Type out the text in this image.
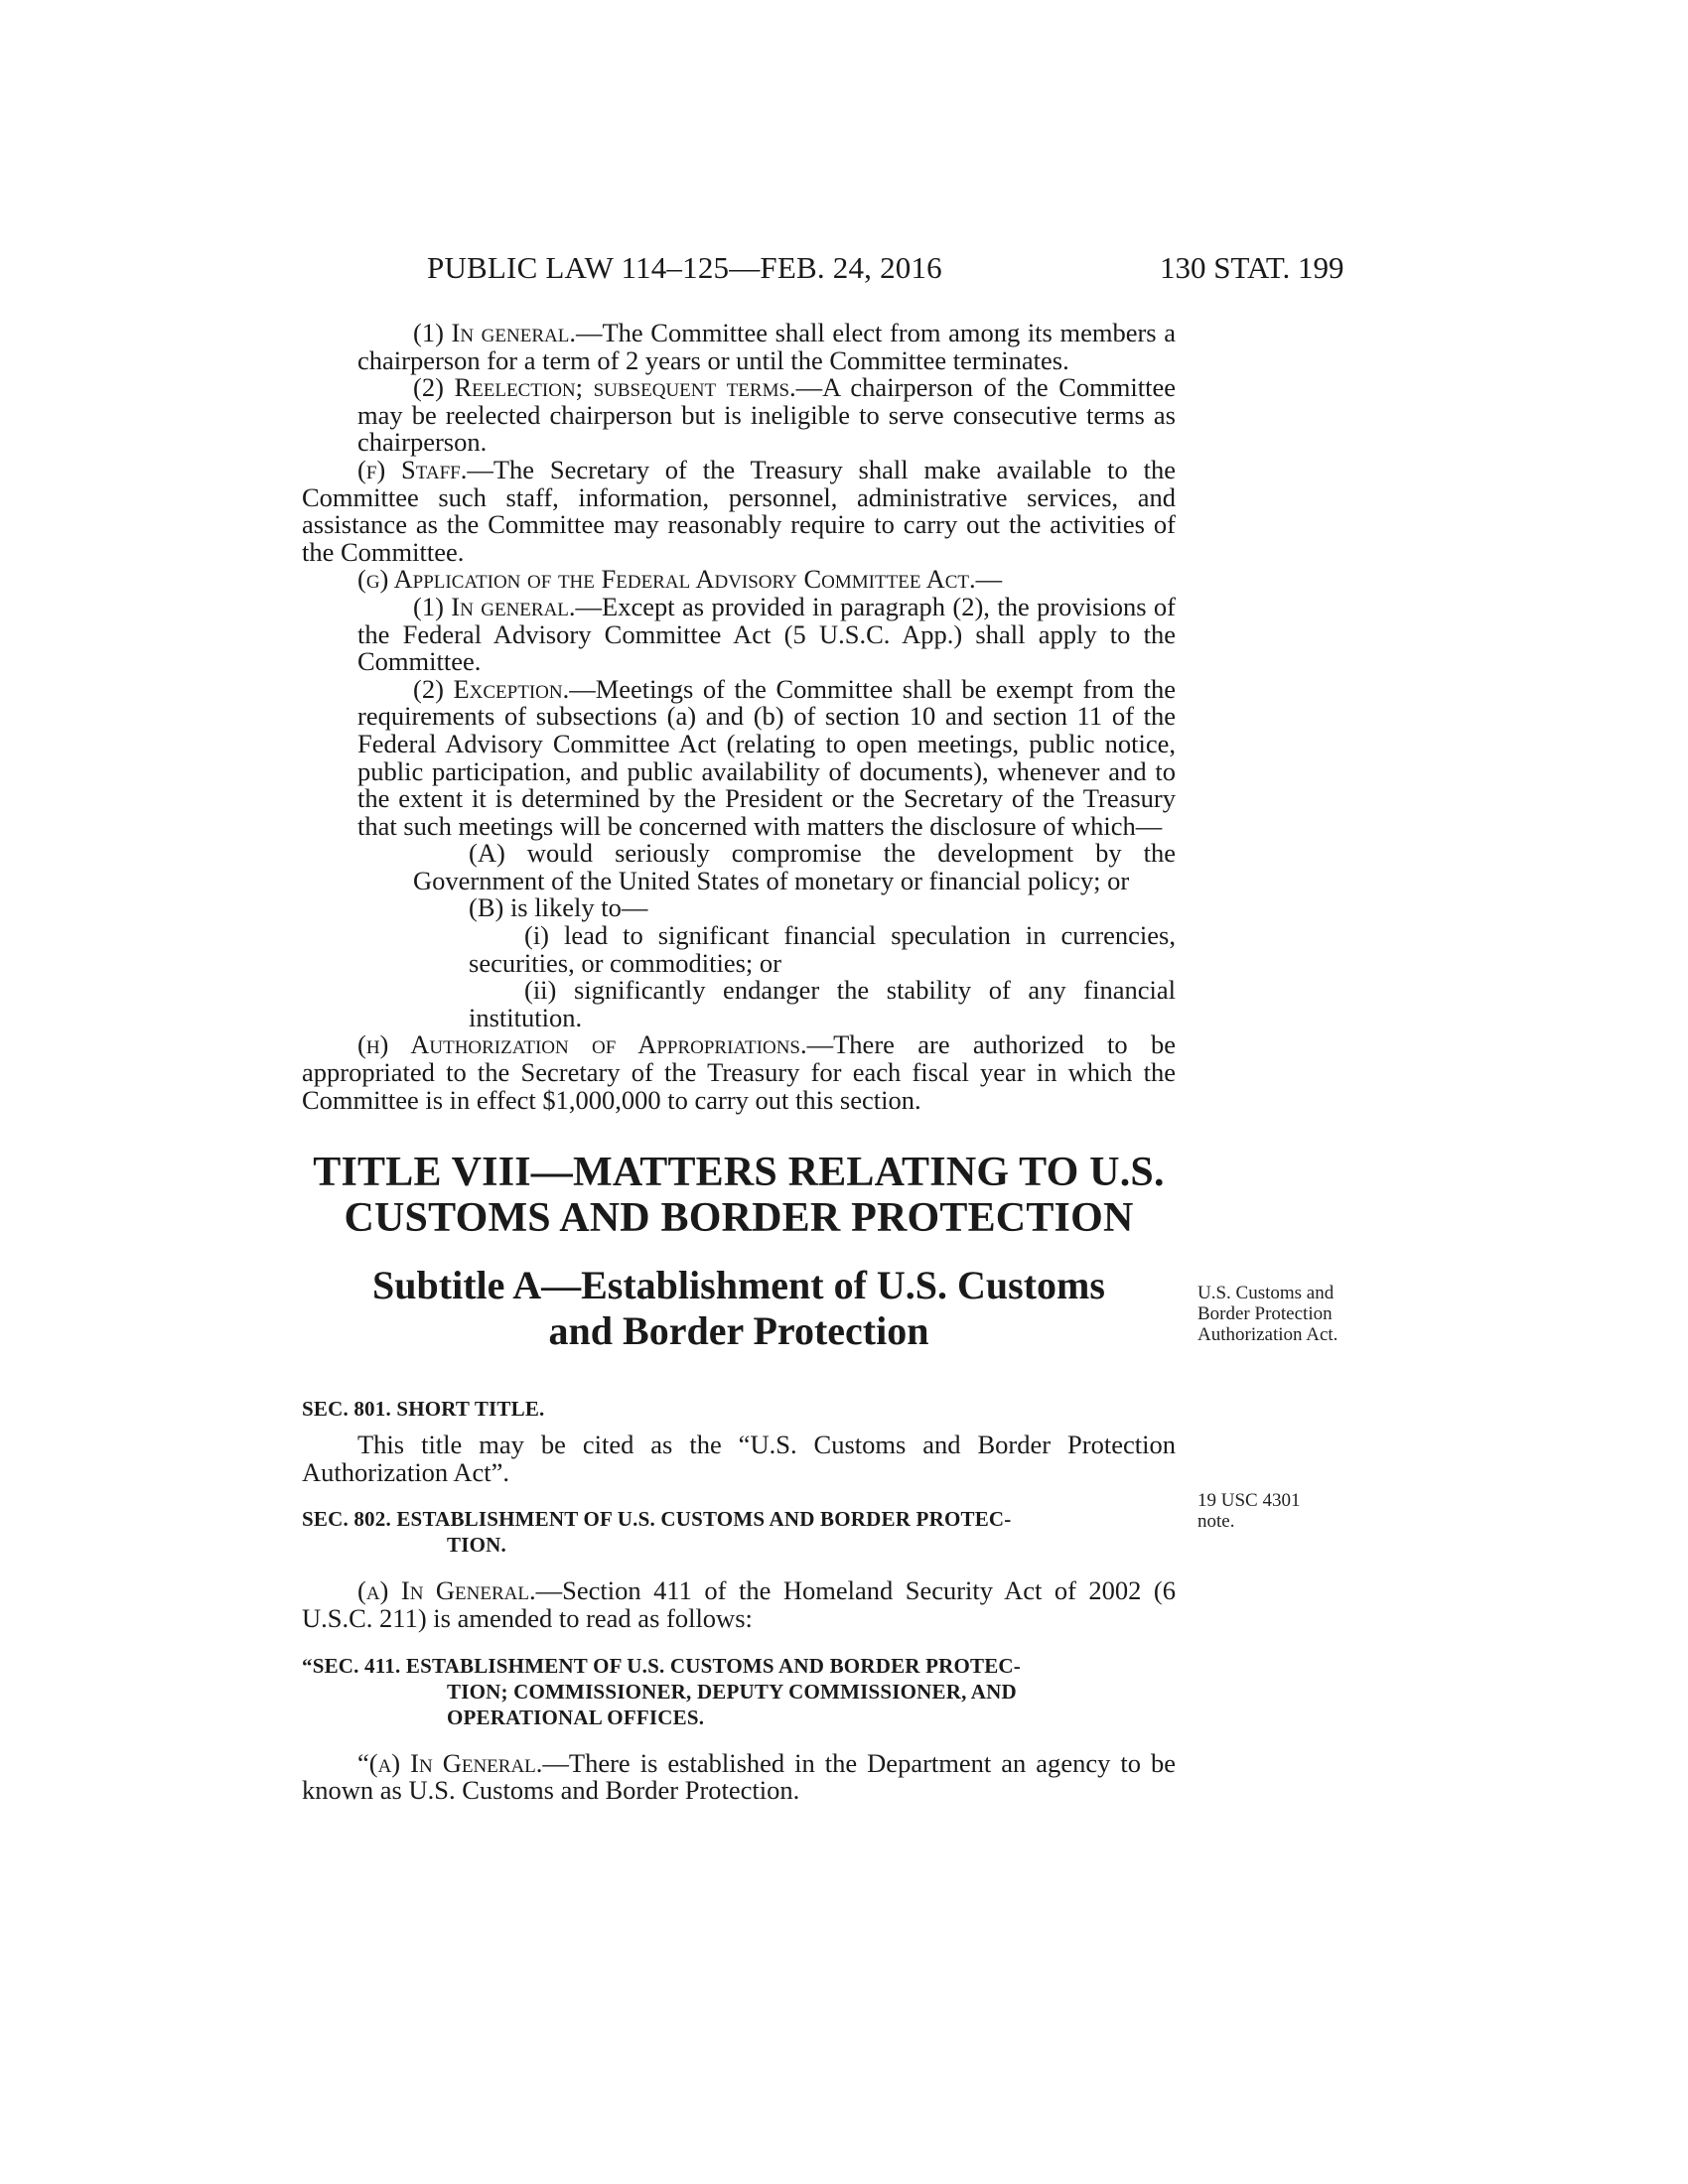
PUBLIC LAW 114–125—FEB. 24, 2016	130 STAT. 199

(1) In general.—The Committee shall elect from among its members a chairperson for a term of 2 years or until the Committee terminates.

(2) Reelection; subsequent terms.—A chairperson of the Committee may be reelected chairperson but is ineligible to serve consecutive terms as chairperson.

(f) Staff.—The Secretary of the Treasury shall make available to the Committee such staff, information, personnel, administrative services, and assistance as the Committee may reasonably require to carry out the activities of the Committee.

(g) Application of the Federal Advisory Committee Act.—

(1) In general.—Except as provided in paragraph (2), the provisions of the Federal Advisory Committee Act (5 U.S.C. App.) shall apply to the Committee.

(2) Exception.—Meetings of the Committee shall be exempt from the requirements of subsections (a) and (b) of section 10 and section 11 of the Federal Advisory Committee Act (relating to open meetings, public notice, public participation, and public availability of documents), whenever and to the extent it is determined by the President or the Secretary of the Treasury that such meetings will be concerned with matters the disclosure of which—

(A) would seriously compromise the development by the Government of the United States of monetary or financial policy; or

(B) is likely to—

(i) lead to significant financial speculation in currencies, securities, or commodities; or

(ii) significantly endanger the stability of any financial institution.

(h) Authorization of Appropriations.—There are authorized to be appropriated to the Secretary of the Treasury for each fiscal year in which the Committee is in effect $1,000,000 to carry out this section.

TITLE VIII—MATTERS RELATING TO U.S.
CUSTOMS AND BORDER PROTECTION
Subtitle A—Establishment of U.S. Customs
and Border Protection

SEC. 801. SHORT TITLE.

This title may be cited as the “U.S. Customs and Border Protection Authorization Act”.

SEC. 802. ESTABLISHMENT OF U.S. CUSTOMS AND BORDER PROTEC-
TION.

(a) In General.—Section 411 of the Homeland Security Act of 2002 (6 U.S.C. 211) is amended to read as follows:

“SEC. 411. ESTABLISHMENT OF U.S. CUSTOMS AND BORDER PROTEC-
TION; COMMISSIONER, DEPUTY COMMISSIONER, AND
OPERATIONAL OFFICES.

“(a) In General.—There is established in the Department an agency to be known as U.S. Customs and Border Protection.

U.S. Customs and Border Protection Authorization Act.
19 USC 4301 note.
